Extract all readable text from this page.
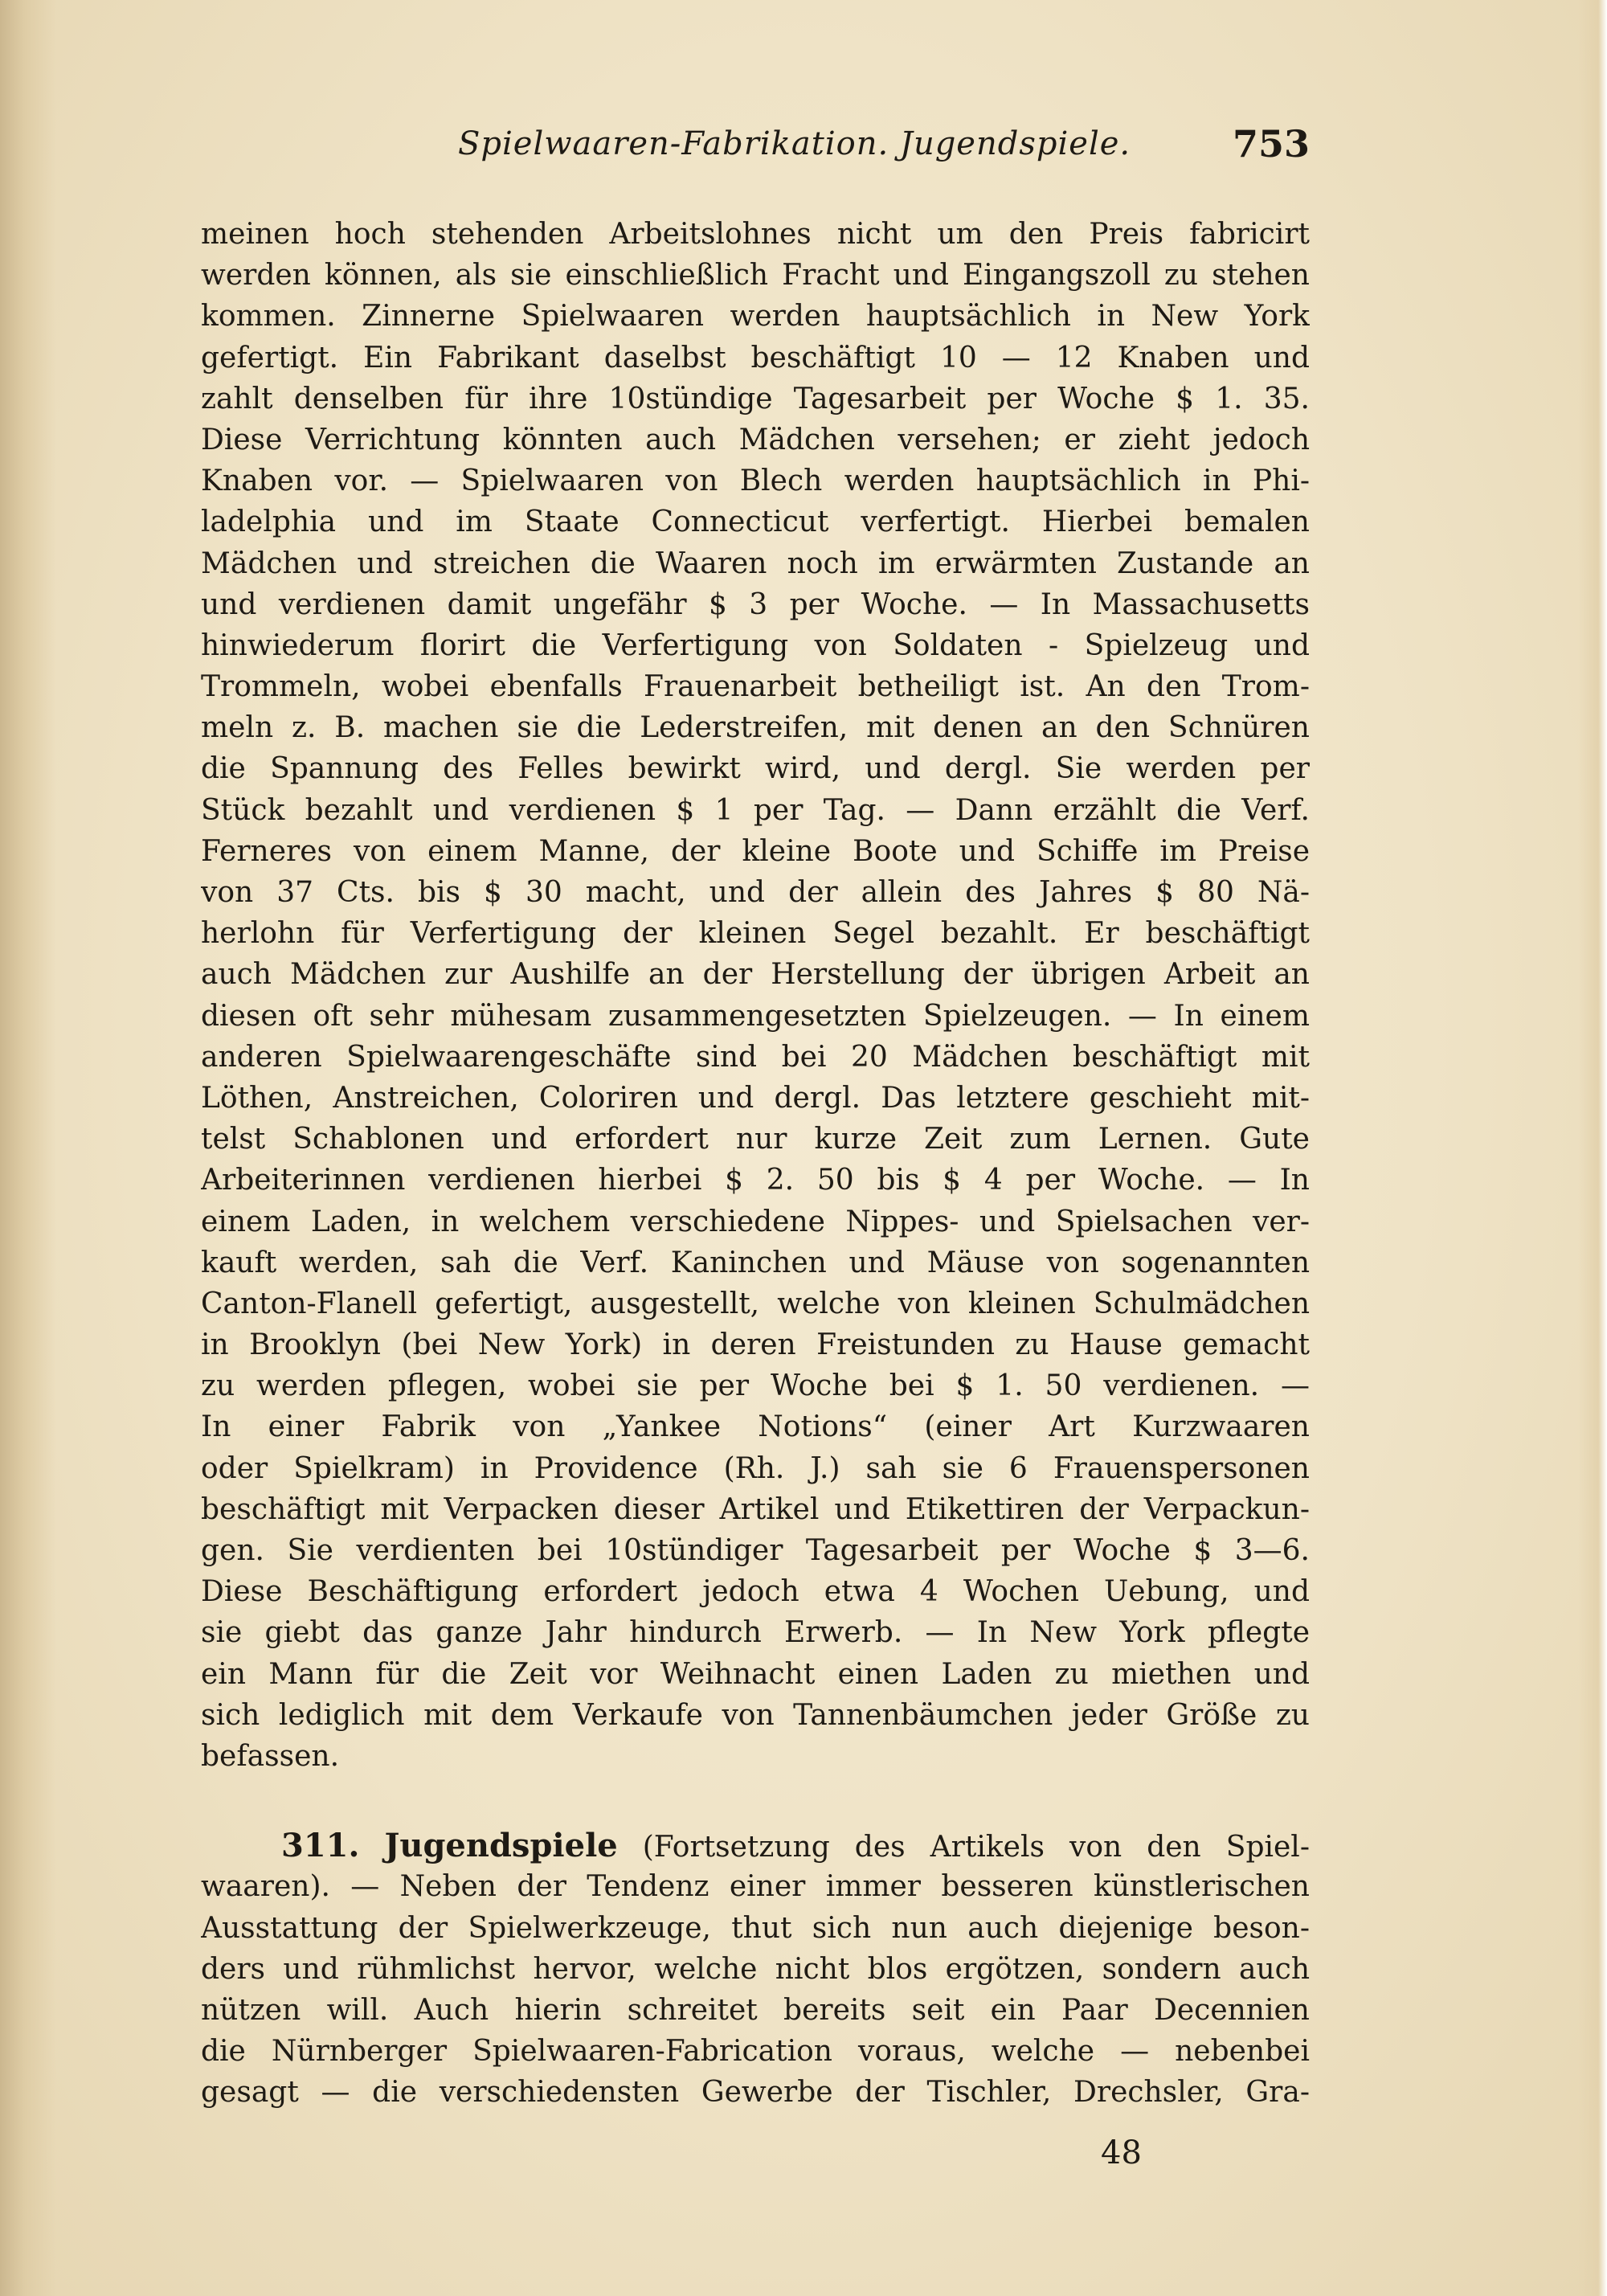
Spielwaaren-Fabrikation. Jugendspiele.	753
meinen hoch stehenden Arbeitslohnes nicht um den Preis fabricirt
werden können, als sie einschließlich Fracht und Eingangszoll zu stehen
kommen. Zinnerne Spielwaaren werden hauptsächlich in New York
gefertigt. Ein Fabrikant daselbst beschäftigt 10 — 12 Knaben und
zahlt denselben für ihre 10stündige Tagesarbeit per Woche $ 1. 35.
Diese Verrichtung könnten auch Mädchen versehen; er zieht jedoch
Knaben vor. — Spielwaaren von Blech werden hauptsächlich in Phi-
ladelphia und im Staate Connecticut verfertigt. Hierbei bemalen
Mädchen und streichen die Waaren noch im erwärmten Zustande an
und verdienen damit ungefähr $ 3 per Woche. — In Massachusetts
hinwiederum florirt die Verfertigung von Soldaten - Spielzeug und
Trommeln, wobei ebenfalls Frauenarbeit betheiligt ist. An den Trom-
meln z. B. machen sie die Lederstreifen, mit denen an den Schnüren
die Spannung des Felles bewirkt wird, und dergl. Sie werden per
Stück bezahlt und verdienen $ 1 per Tag. — Dann erzählt die Verf.
Ferneres von einem Manne, der kleine Boote und Schiffe im Preise
von 37 Cts. bis $ 30 macht, und der allein des Jahres $ 80 Nä-
herlohn für Verfertigung der kleinen Segel bezahlt. Er beschäftigt
auch Mädchen zur Aushilfe an der Herstellung der übrigen Arbeit an
diesen oft sehr mühesam zusammengesetzten Spielzeugen. — In einem
anderen Spielwaarengeschäfte sind bei 20 Mädchen beschäftigt mit
Löthen, Anstreichen, Coloriren und dergl. Das letztere geschieht mit-
telst Schablonen und erfordert nur kurze Zeit zum Lernen. Gute
Arbeiterinnen verdienen hierbei $ 2. 50 bis $ 4 per Woche. — In
einem Laden, in welchem verschiedene Nippes- und Spielsachen ver-
kauft werden, sah die Verf. Kaninchen und Mäuse von sogenannten
Canton-Flanell gefertigt, ausgestellt, welche von kleinen Schulmädchen
in Brooklyn (bei New York) in deren Freistunden zu Hause gemacht
zu werden pflegen, wobei sie per Woche bei $ 1. 50 verdienen. —
In einer Fabrik von „Yankee Notions“ (einer Art Kurzwaaren
oder Spielkram) in Providence (Rh. J.) sah sie 6 Frauenspersonen
beschäftigt mit Verpacken dieser Artikel und Etikettiren der Verpackun-
gen. Sie verdienten bei 10stündiger Tagesarbeit per Woche $ 3—6.
Diese Beschäftigung erfordert jedoch etwa 4 Wochen Uebung, und
sie giebt das ganze Jahr hindurch Erwerb. — In New York pflegte
ein Mann für die Zeit vor Weihnacht einen Laden zu miethen und
sich lediglich mit dem Verkaufe von Tannenbäumchen jeder Größe zu
befassen.
311. Jugendspiele (Fortsetzung des Artikels von den Spiel-
waaren). — Neben der Tendenz einer immer besseren künstlerischen
Ausstattung der Spielwerkzeuge, thut sich nun auch diejenige beson-
ders und rühmlichst hervor, welche nicht blos ergötzen, sondern auch
nützen will. Auch hierin schreitet bereits seit ein Paar Decennien
die Nürnberger Spielwaaren-Fabrication voraus, welche — nebenbei
gesagt — die verschiedensten Gewerbe der Tischler, Drechsler, Gra-
48
